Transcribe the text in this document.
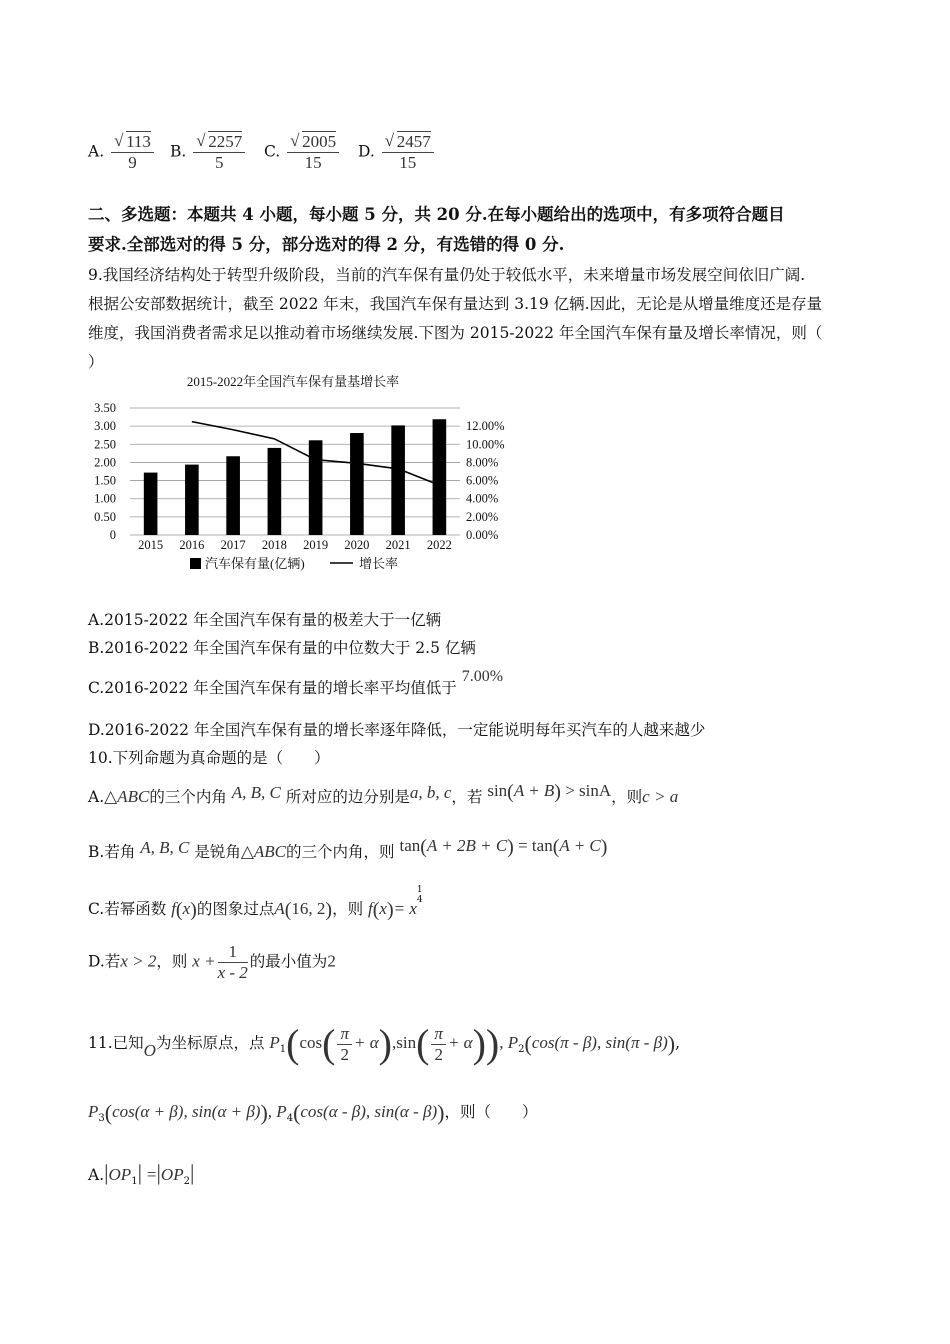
A. √ $\frac{113}{9} B$. √ $\frac{2257}{5} C$. √ $\frac{2005}{15} D$. √ $\frac{2457}{15}$
二、多选题：本题共 4 小题，每小题 5 分，共 20 分.在每小题给出的选项中，有多项符合题目
要求.全部选对的得 5 分，部分选对的得 2 分，有选错的得 0 分.
9.我国经济结构处于转型升级阶段，当前的汽车保有量仍处于较低水平，未来增量市场发展空间依旧广阔.
根据公安部数据统计，截至 2022 年末，我国汽车保有量达到 3.19 亿辆.因此，无论是从增量维度还是存量
维度，我国消费者需求足以推动着市场继续发展.下图为 2015-2022 年全国汽车保有量及增长率情况，则（
）
2015-2022年全国汽车保有量基增长率
3.50
3.00
2.50
2.00
1.50
1.00
0.50
0
12.00%
10.00%
8.00%
6.00%
4.00%
2.00%
0.00%
2015 2016 2017 2018 2019 2020 2021 2022
汽车保有量(亿辆)	增长率
A.2015-2022 年全国汽车保有量的极差大于一亿辆
B.2016-2022 年全国汽车保有量的中位数大于 2.5 亿辆
C.2016-2022 年全国汽车保有量的增长率平均值低于 7.00%
D.2016-2022 年全国汽车保有量的增长率逐年降低，一定能说明每年买汽车的人越来越少
10.下列命题为真命题的是（　　）
A.△ABC的三个内角 A, B, C 所对应的边分别是a, b, c，若 sin(A + B) > sinA，则c > a
B.若角 A, B, C 是锐角△ABC的三个内角，则 tan(A + 2B + C) = tan(A + C)
C.若幂函数 f(x)的图象过点A(16, 2)，则 f(x)= x
1
4
D.若x > 2，则 $x + \frac{1}{x - 2}$ 的最小值为2
11.已知O为坐标原点，点 $P_1(\cos( \frac{\pi}{2} + \alpha),\sin( \frac{\pi}{2} + \alpha))$, $P_2(\cos(\pi - \beta)$, sin(π - β)),
$P_3(\cos(\alpha + \beta)$, sin(α + β)), $P_4(\cos(\alpha - \beta)$, sin(α - β))，则（　　）
$A.|OP_1| =|OP_2|$
